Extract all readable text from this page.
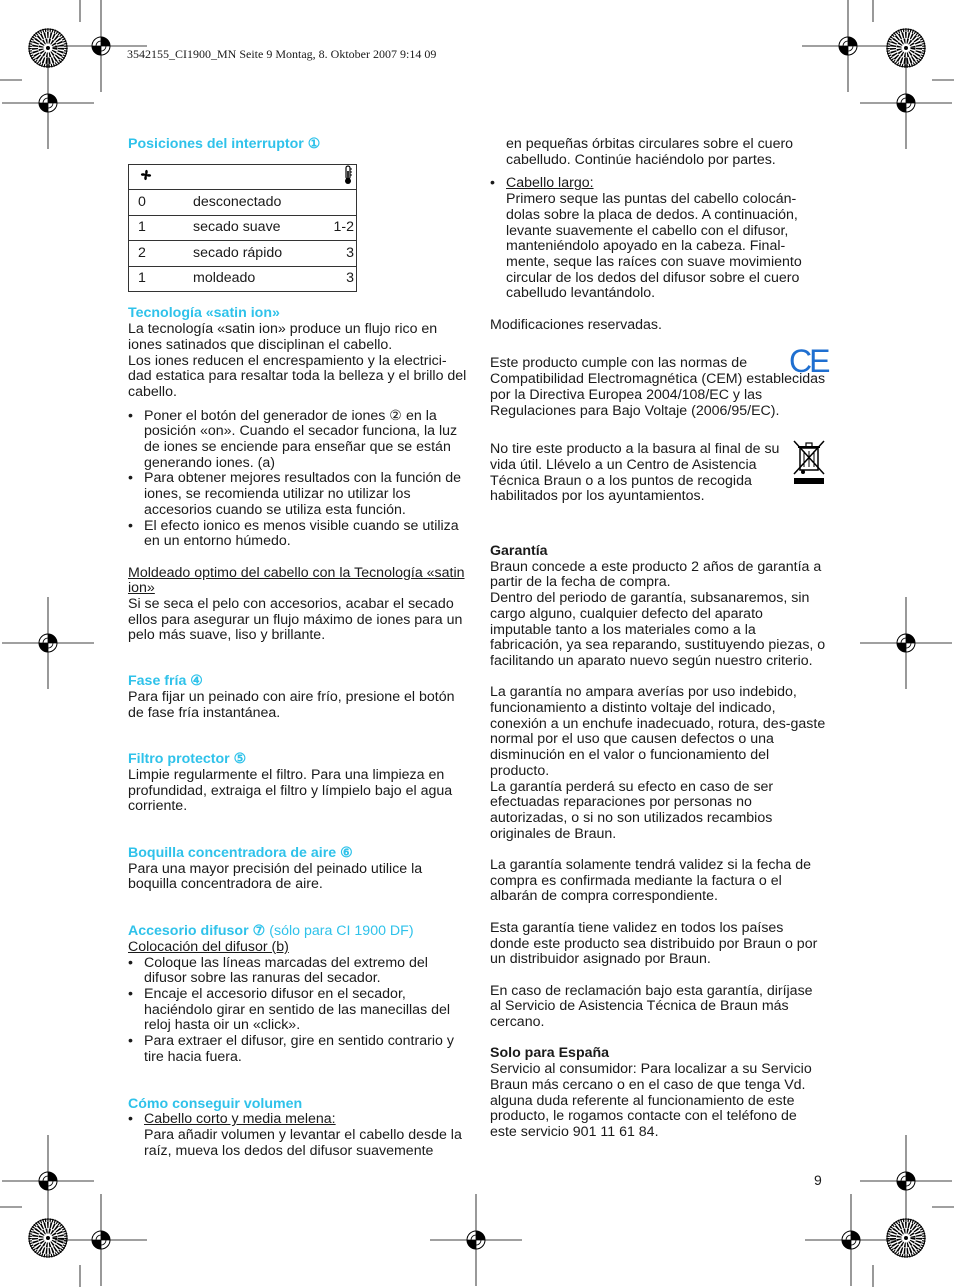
3542155_CI1900_MN Seite 9 Montag, 8. Oktober 2007 9:14 09

Posiciones del interruptor ①

0	desconectado	
1	secado suave	1-2
2	secado rápido	3
1	moldeado	3

Tecnología «satin ion»

La tecnología «satin ion» produce un flujo rico en iones satinados que disciplinan el cabello.

Los iones reducen el encrespamiento y la electrici-dad estatica para resaltar toda la belleza y el brillo del cabello.

• Poner el botón del generador de iones ② en la posición «on». Cuando el secador funciona, la luz de iones se enciende para enseñar que se están generando iones. (a)
• Para obtener mejores resultados con la función de iones, se recomienda utilizar no utilizar los accesorios cuando se utiliza esta función.
• El efecto ionico es menos visible cuando se utiliza en un entorno húmedo.

Moldeado optimo del cabello con la Tecnología «satin ion»

Si se seca el pelo con accesorios, acabar el secado ellos para asegurar un flujo máximo de iones para un pelo más suave, liso y brillante.

Fase fría ④

Para fijar un peinado con aire frío, presione el botón de fase fría instantánea.

Filtro protector ⑤

Limpie regularmente el filtro. Para una limpieza en profundidad, extraiga el filtro y límpielo bajo el agua corriente.

Boquilla concentradora de aire ⑥

Para una mayor precisión del peinado utilice la boquilla concentradora de aire.

Accesorio difusor ⑦ (sólo para CI 1900 DF)

Colocación del difusor (b)

• Coloque las líneas marcadas del extremo del difusor sobre las ranuras del secador.
• Encaje el accesorio difusor en el secador, haciéndolo girar en sentido de las manecillas del reloj hasta oir un «click».
• Para extraer el difusor, gire en sentido contrario y tire hacia fuera.

Cómo conseguir volumen

• Cabello corto y media melena:
Para añadir volumen y levantar el cabello desde la raíz, mueva los dedos del difusor suavemente

en pequeñas órbitas circulares sobre el cuero cabelludo. Continúe haciéndolo por partes.

• Cabello largo:
Primero seque las puntas del cabello colocán-dolas sobre la placa de dedos. A continuación, levante suavemente el cabello con el difusor, manteniéndolo apoyado en la cabeza. Final-mente, seque las raíces con suave movimiento circular de los dedos del difusor sobre el cuero cabelludo levantándolo.

Modificaciones reservadas.

Este producto cumple con las normas de Compatibilidad Electromagnética (CEM) establecidas por la Directiva Europea 2004/108/EC y las Regulaciones para Bajo Voltaje (2006/95/EC).

CE

No tire este producto a la basura al final de su vida útil. Llévelo a un Centro de Asistencia Técnica Braun o a los puntos de recogida habilitados por los ayuntamientos.

Garantía

Braun concede a este producto 2 años de garantía a partir de la fecha de compra.

Dentro del periodo de garantía, subsanaremos, sin cargo alguno, cualquier defecto del aparato imputable tanto a los materiales como a la fabricación, ya sea reparando, sustituyendo piezas, o facilitando un aparato nuevo según nuestro criterio.

La garantía no ampara averías por uso indebido, funcionamiento a distinto voltaje del indicado, conexión a un enchufe inadecuado, rotura, des-gaste normal por el uso que causen defectos o una disminución en el valor o funcionamiento del producto.

La garantía perderá su efecto en caso de ser efectuadas reparaciones por personas no autorizadas, o si no son utilizados recambios originales de Braun.

La garantía solamente tendrá validez si la fecha de compra es confirmada mediante la factura o el albarán de compra correspondiente.

Esta garantía tiene validez en todos los países donde este producto sea distribuido por Braun o por un distribuidor asignado por Braun.

En caso de reclamación bajo esta garantía, diríjase al Servicio de Asistencia Técnica de Braun más cercano.

Solo para España

Servicio al consumidor: Para localizar a su Servicio Braun más cercano o en el caso de que tenga Vd. alguna duda referente al funcionamiento de este producto, le rogamos contacte con el teléfono de este servicio 901 11 61 84.

9
